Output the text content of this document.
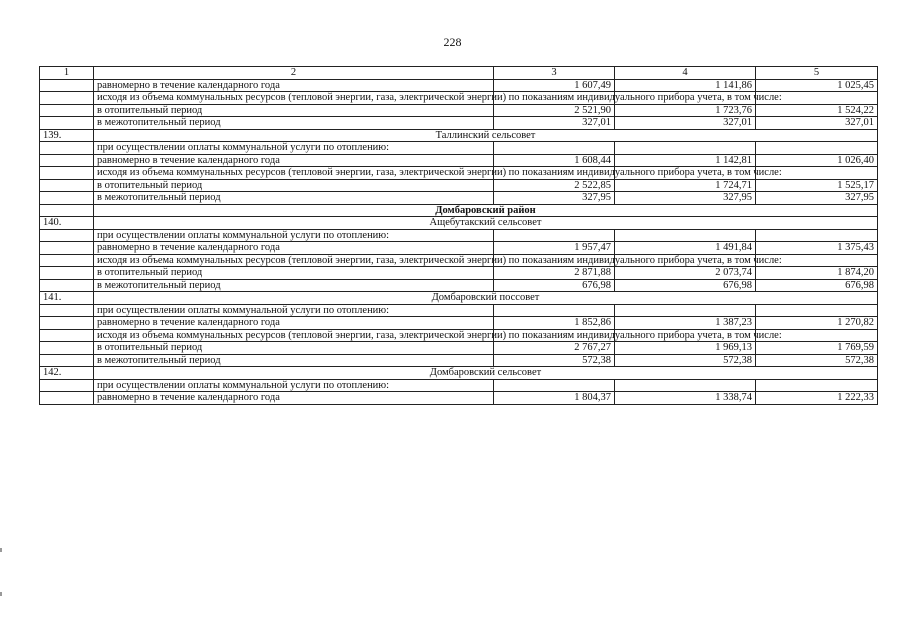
228
1	2	3	4	5
	равномерно в течение календарного года	1 607,49	1 141,86	1 025,45
	исходя из объема коммунальных ресурсов (тепловой энергии, газа, электрической энергии) по показаниям индивидуального прибора учета, в том числе:			
	в отопительный период	2 521,90	1 723,76	1 524,22
	в межотопительный период	327,01	327,01	327,01
139.	Таллинский сельсовет			
	при осуществлении оплаты коммунальной услуги по отоплению:			
	равномерно в течение календарного года	1 608,44	1 142,81	1 026,40
	исходя из объема коммунальных ресурсов (тепловой энергии, газа, электрической энергии) по показаниям индивидуального прибора учета, в том числе:			
	в отопительный период	2 522,85	1 724,71	1 525,17
	в межотопительный период	327,95	327,95	327,95
	Домбаровский район			
140.	Ащебутакский сельсовет			
	при осуществлении оплаты коммунальной услуги по отоплению:			
	равномерно в течение календарного года	1 957,47	1 491,84	1 375,43
	исходя из объема коммунальных ресурсов (тепловой энергии, газа, электрической энергии) по показаниям индивидуального прибора учета, в том числе:			
	в отопительный период	2 871,88	2 073,74	1 874,20
	в межотопительный период	676,98	676,98	676,98
141.	Домбаровский поссовет			
	при осуществлении оплаты коммунальной услуги по отоплению:			
	равномерно в течение календарного года	1 852,86	1 387,23	1 270,82
	исходя из объема коммунальных ресурсов (тепловой энергии, газа, электрической энергии) по показаниям индивидуального прибора учета, в том числе:			
	в отопительный период	2 767,27	1 969,13	1 769,59
	в межотопительный период	572,38	572,38	572,38
142.	Домбаровский сельсовет			
	при осуществлении оплаты коммунальной услуги по отоплению:			
	равномерно в течение календарного года	1 804,37	1 338,74	1 222,33
